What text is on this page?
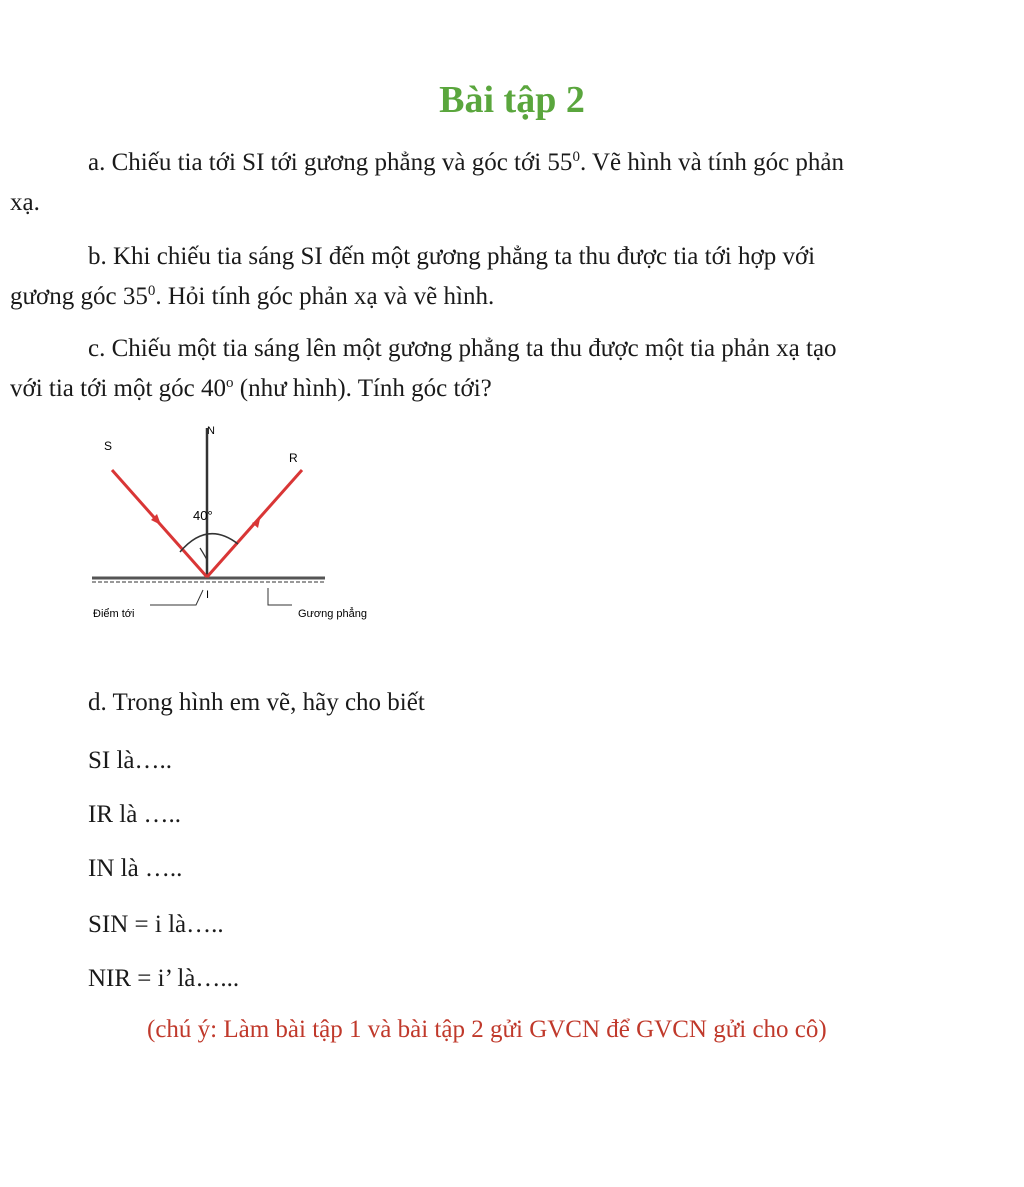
Bài tập 2
a. Chiếu tia tới SI tới gương phẳng và góc tới $55^0$. Vẽ hình và tính góc phản
xạ.
b. Khi chiếu tia sáng SI đến một gương phẳng ta thu được tia tới hợp với
gương góc $35^0$. Hỏi tính góc phản xạ và vẽ hình.
c. Chiếu một tia sáng lên một gương phẳng ta thu được một tia phản xạ tạo
với tia tới một góc 40$^o$ (như hình). Tính góc tới?
S
R
N
40°
I
Điểm tới	Gương phẳng
d. Trong hình em vẽ, hãy cho biết
SI là…..
IR là …..
IN là …..
SIN = i là…..
NIR = i’ là…...
(chú ý: Làm bài tập 1 và bài tập 2 gửi GVCN để GVCN gửi cho cô)
